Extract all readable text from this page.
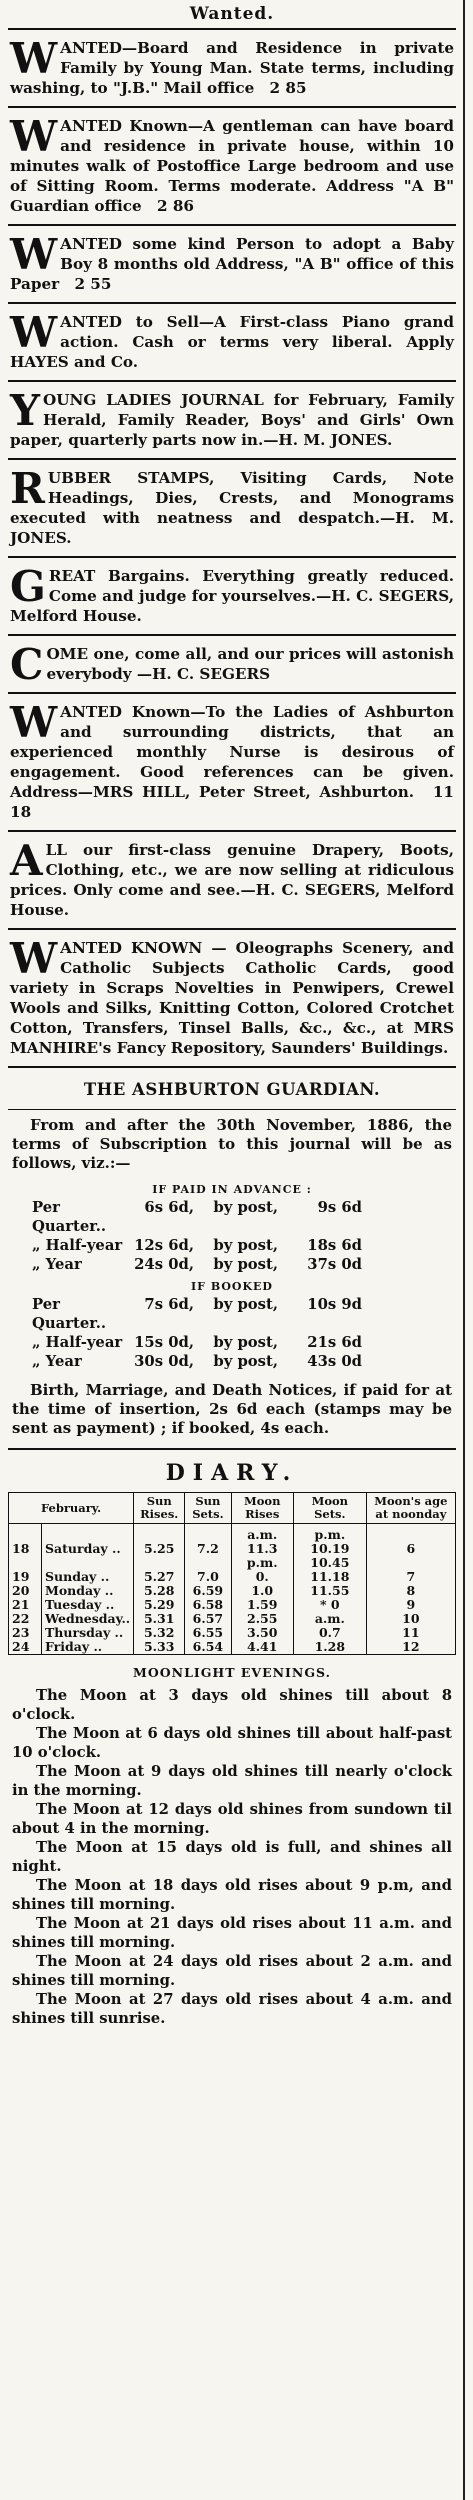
Wanted.
WANTED—Board and Residence in private Family by Young Man. State terms, including washing, to "J.B." Mail office 2 85
WANTED Known—A gentleman can have board and residence in private house, within 10 minutes walk of Postoffice Large bedroom and use of Sitting Room. Terms moderate. Address "A B" Guardian office 2 86
WANTED some kind Person to adopt a Baby Boy 8 months old Address, "A B" office of this Paper 2 55
WANTED to Sell—A First-class Piano grand action. Cash or terms very liberal. Apply HAYES and Co.
YOUNG LADIES JOURNAL for February, Family Herald, Family Reader, Boys' and Girls' Own paper, quarterly parts now in.—H. M. JONES.
RUBBER STAMPS, Visiting Cards, Note Headings, Dies, Crests, and Monograms executed with neatness and despatch.—H. M. JONES.
GREAT Bargains. Everything greatly reduced. Come and judge for yourselves.—H. C. SEGERS, Melford House.
COME one, come all, and our prices will astonish everybody —H. C. SEGERS
WANTED Known—To the Ladies of Ashburton and surrounding districts, that an experienced monthly Nurse is desirous of engagement. Good references can be given. Address—MRS HILL, Peter Street, Ashburton. 11 18
ALL our first-class genuine Drapery, Boots, Clothing, etc., we are now selling at ridiculous prices. Only come and see.—H. C. SEGERS, Melford House.
WANTED KNOWN — Oleographs Scenery, and Catholic Subjects Catholic Cards, good variety in Scraps Novelties in Penwipers, Crewel Wools and Silks, Knitting Cotton, Colored Crotchet Cotton, Transfers, Tinsel Balls, &c., &c., at MRS MANHIRE's Fancy Repository, Saunders' Buildings.
THE ASHBURTON GUARDIAN.
From and after the 30th November, 1886, the terms of Subscription to this journal will be as follows, viz.:—
IF PAID IN ADVANCE :
Per Quarter..
6s 6d,	by post,	9s 6d
„ Half-year 12s 6d,	by post,	18s 6d
„ Year	24s 0d,	by post,	37s 0d
IF BOOKED
Per Quarter..
7s 6d,	by post,	10s 9d
„ Half-year 15s 0d,	by post,	21s 6d
„ Year	30s 0d,	by post,	43s 0d
Birth, Marriage, and Death Notices, if paid for at the time of insertion, 2s 6d each (stamps may be sent as payment) ; if booked, 4s each.
DIARY.
February.		Sun Rises.	Sun Sets.	Moon Rises	Moon Sets.	Moon's age at noonday
18	Saturday ..	5.25	7.2	a.m. 11.3 p.m.	p.m. 10.19 10.45	6
19	Sunday ..	5.27	7.0	0.	11.18	7
20	Monday ..	5.28	6.59	1.0	11.55	8
21	Tuesday ..	5.29	6.58	1.59	* 0	9
22	Wednesday..	5.31	6.57	2.55	a.m.	10
23	Thursday ..	5.32	6.55	3.50	0.7	11
24	Friday ..	5.33	6.54	4.41	1.28	12
MOONLIGHT EVENINGS.

The Moon at 3 days old shines till about 8 o'clock.

The Moon at 6 days old shines till about half-past 10 o'clock.

The Moon at 9 days old shines till nearly o'clock in the morning.

The Moon at 12 days old shines from sundown til about 4 in the morning.

The Moon at 15 days old is full, and shines all night.

The Moon at 18 days old rises about 9 p.m, and shines till morning.

The Moon at 21 days old rises about 11 a.m. and shines till morning.

The Moon at 24 days old rises about 2 a.m. and shines till morning.

The Moon at 27 days old rises about 4 a.m. and shines till sunrise.
